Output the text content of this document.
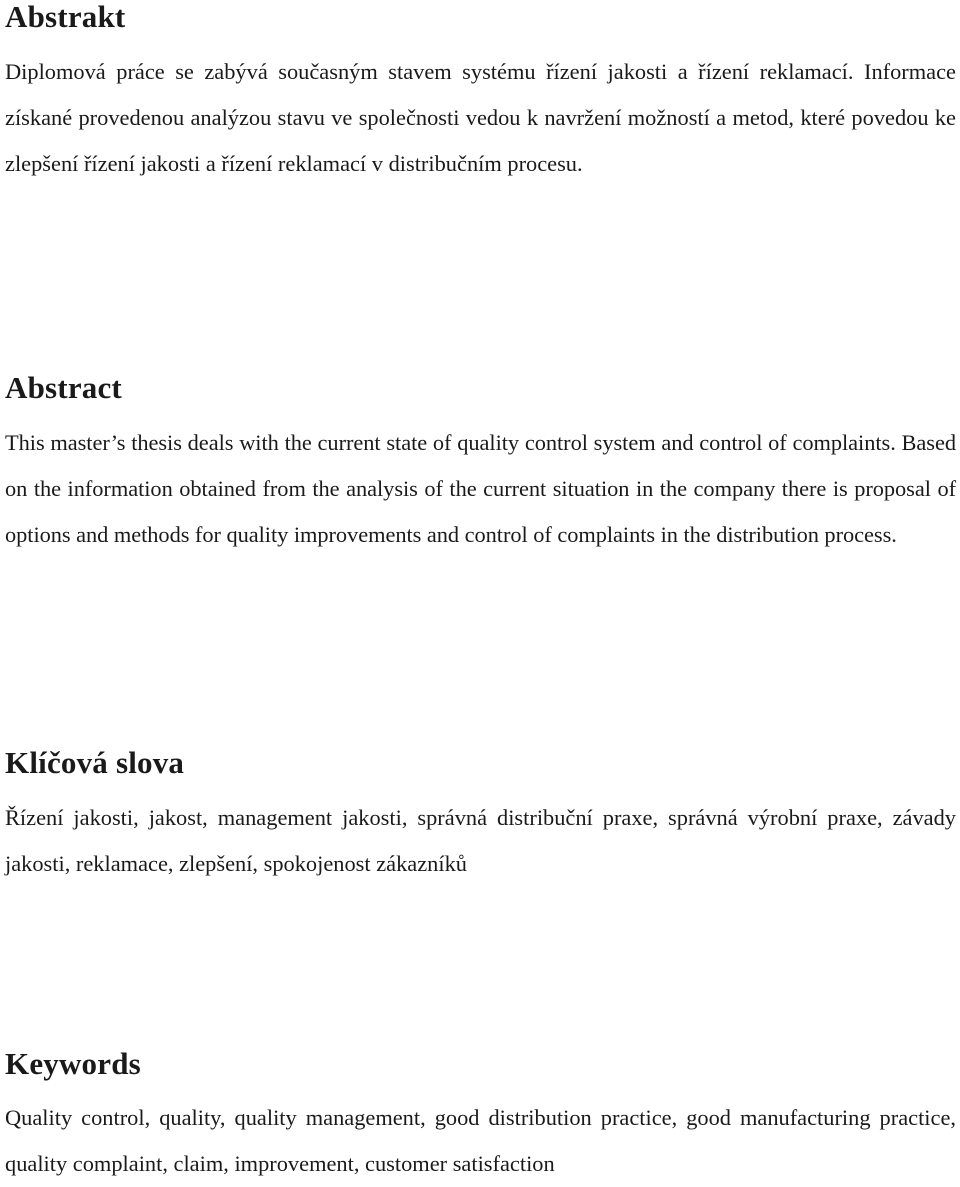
Abstrakt

Diplomová práce se zabývá současným stavem systému řízení jakosti a řízení reklamací. Informace získané provedenou analýzou stavu ve společnosti vedou k navržení možností a metod, které povedou ke zlepšení řízení jakosti a řízení reklamací v distribučním procesu.

Abstract

This master’s thesis deals with the current state of quality control system and control of complaints. Based on the information obtained from the analysis of the current situation in the company there is proposal of options and methods for quality improvements and control of complaints in the distribution process.

Klíčová slova

Řízení jakosti, jakost, management jakosti, správná distribuční praxe, správná výrobní praxe, závady jakosti, reklamace, zlepšení, spokojenost zákazníků

Keywords

Quality control, quality, quality management, good distribution practice, good manufacturing practice, quality complaint, claim, improvement, customer satisfaction
